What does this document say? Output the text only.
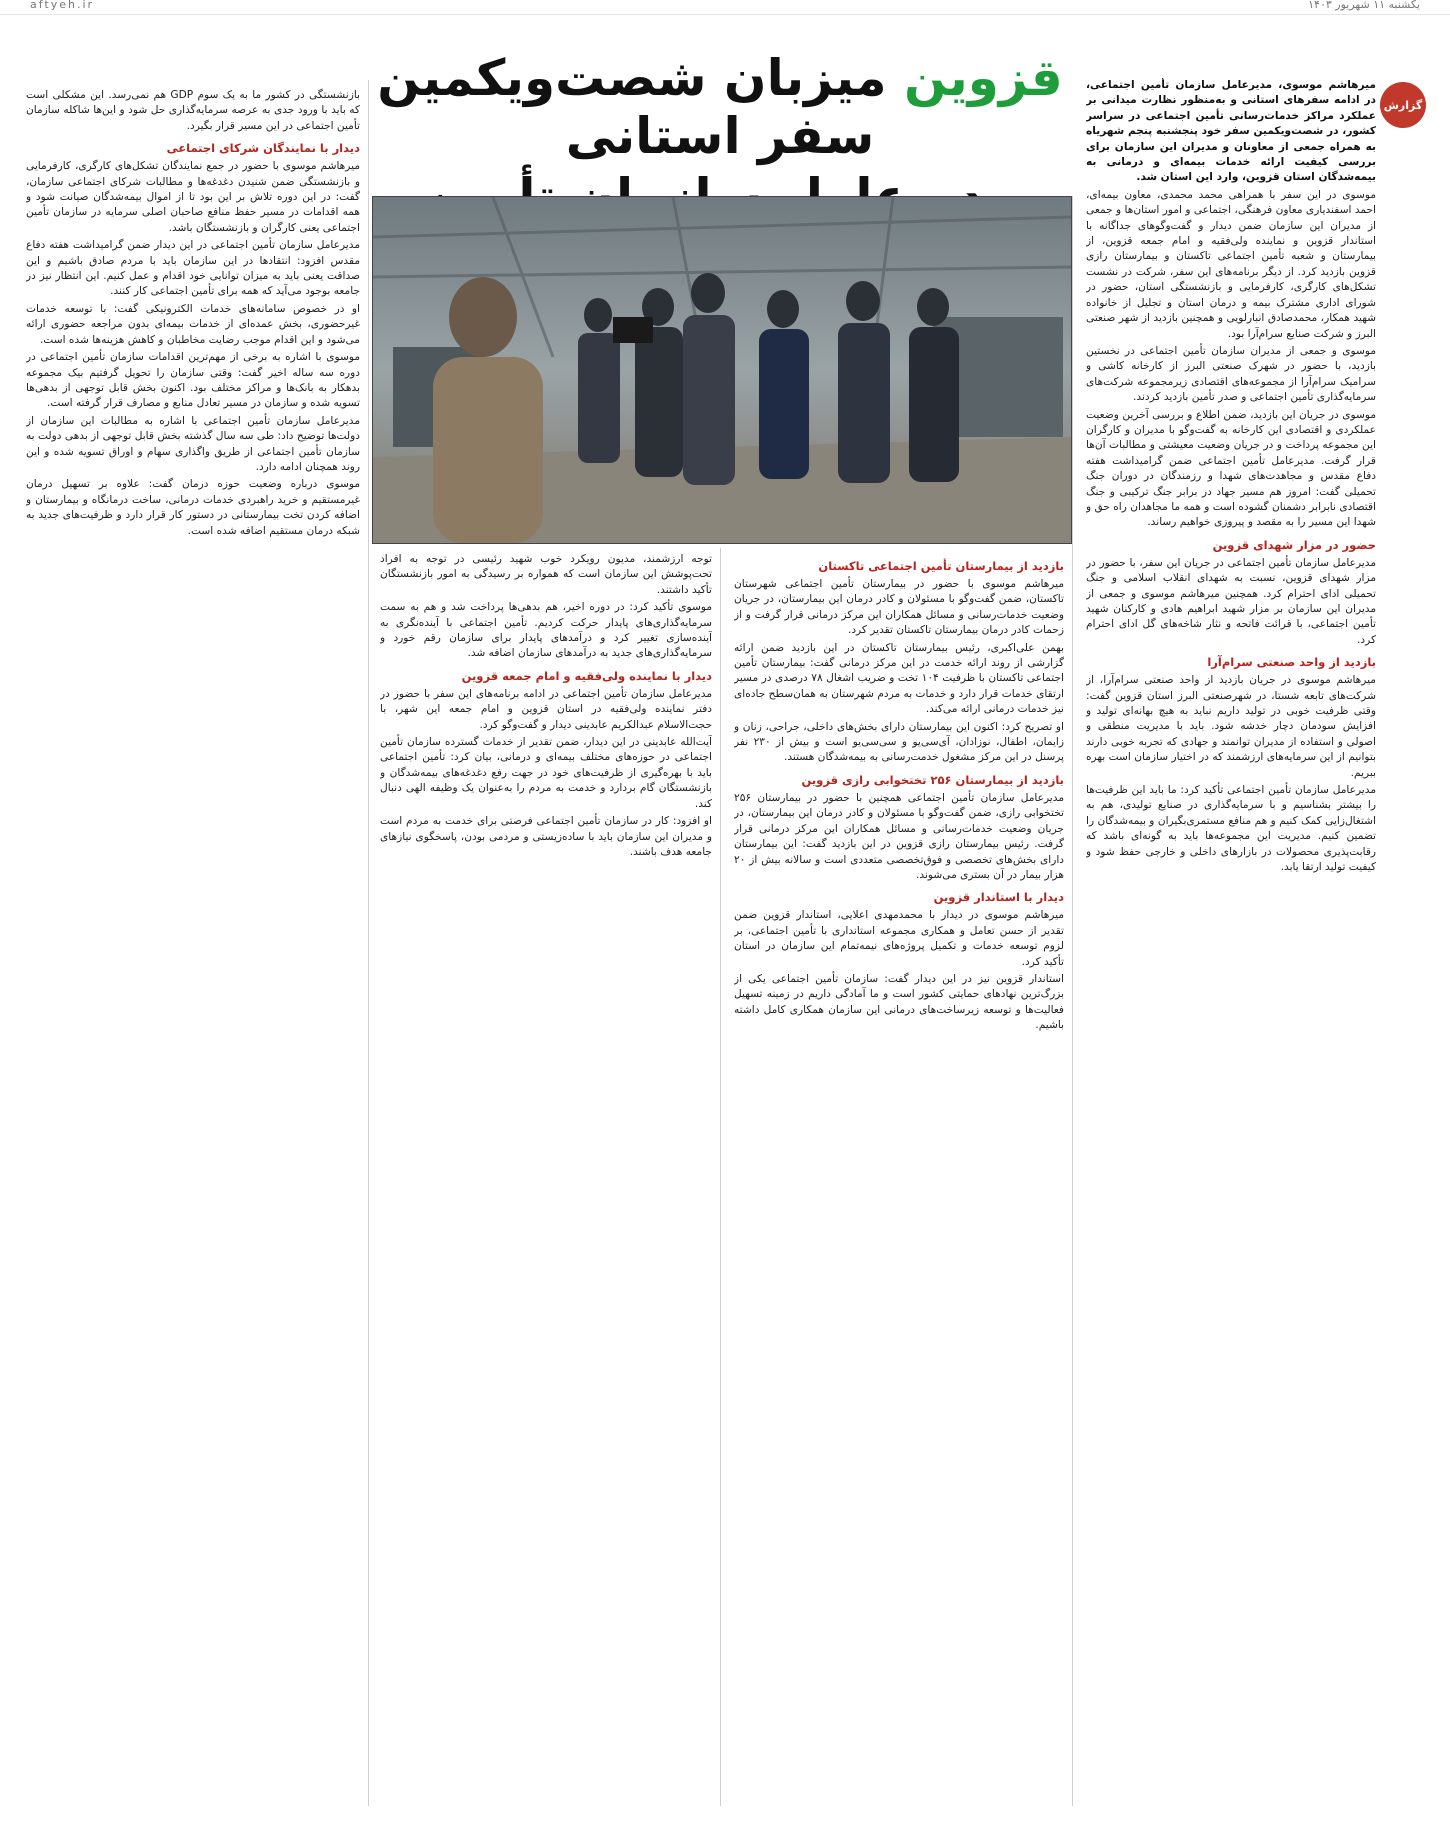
aftyeh.ir	یکشنبه ۱۱ شهریور ۱۴۰۳
قزوین میزبان شصت‌ویکمین سفر استانی
گزارش

میرهاشم موسوی، مدیرعامل سازمان تأمین اجتماعی، در ادامه سفرهای استانی و به‌منظور نظارت میدانی بر عملکرد مراکز خدمات‌رسانی تأمین اجتماعی در سراسر کشور، در شصت‌ویکمین سفر خود پنجشنبه پنجم شهریاه به همراه جمعی از معاونان و مدیران این سازمان برای بررسی کیفیت ارائه خدمات بیمه‌ای و درمانی به بیمه‌شدگان استان قزوین، وارد این استان شد.

موسوی در این سفر با همراهی محمد محمدی، معاون بیمه‌ای، احمد اسفندیاری معاون فرهنگی، اجتماعی و امور استان‌ها و جمعی از مدیران این سازمان ضمن دیدار و گفت‌وگوهای جداگانه با استاندار قزوین و نماینده ولی‌فقیه و امام جمعه قزوین، از بیمارستان و شعبه تأمین اجتماعی تاکستان و بیمارستان رازی قزوین بازدید کرد. از دیگر برنامه‌های این سفر، شرکت در نشست تشکل‌های کارگری، کارفرمایی و بازنشستگی استان، حضور در شورای اداری مشترک بیمه و درمان استان و تجلیل از خانواده شهید همکار، محمدصادق انبارلویی و همچنین بازدید از شهر صنعتی البرز و شرکت صنایع سرام‌آرا بود.

موسوی و جمعی از مدیران سازمان تأمین اجتماعی در نخستین بازدید، با حضور در شهرک صنعتی البرز از کارخانه کاشی و سرامیک سرام‌آرا از مجموعه‌های اقتصادی زیرمجموعه شرکت‌های سرمایه‌گذاری تأمین اجتماعی و صدر تأمین بازدید کردند.

موسوی در جریان این بازدید، ضمن اطلاع و بررسی آخرین وضعیت عملکردی و اقتصادی این کارخانه به گفت‌وگو با مدیران و کارگران این مجموعه پرداخت و در جریان وضعیت معیشتی و مطالبات آن‌ها قرار گرفت. مدیرعامل تأمین اجتماعی ضمن گرامیداشت هفته دفاع مقدس و مجاهدت‌های شهدا و رزمندگان در دوران جنگ تحمیلی گفت: امروز هم مسیر جهاد در برابر جنگ ترکیبی و جنگ اقتصادی نابرابر دشمنان گشوده است و همه ما مجاهدان راه حق و شهدا این مسیر را به مقصد و پیروزی خواهیم رساند.

حضور در مزار شهدای قزوین

مدیرعامل سازمان تأمین اجتماعی در جریان این سفر، با حضور در مزار شهدای قزوین، نسبت به شهدای انقلاب اسلامی و جنگ تحمیلی ادای احترام کرد. همچنین میرهاشم موسوی و جمعی از مدیران این سازمان بر مزار شهید ابراهیم هادی و کارکنان شهید تأمین اجتماعی، با قرائت فاتحه و نثار شاخه‌های گل ادای احترام کرد.

بازدید از واحد صنعتی سرام‌آرا

میرهاشم موسوی در جریان بازدید از واحد صنعتی سرام‌آرا، از شرکت‌های تابعه شستا، در شهرصنعتی البرز استان قزوین گفت: وقتی ظرفیت خوبی در تولید داریم نباید به هیچ بهانه‌ای تولید و افزایش سودمان دچار خدشه شود. باید با مدیریت منطقی و اصولی و استفاده از مدیران توانمند و جهادی که تجربه خوبی دارند بتوانیم از این سرمایه‌های ارزشمند که در اختیار سازمان است بهره ببریم.

مدیرعامل سازمان تأمین اجتماعی تأکید کرد: ما باید این ظرفیت‌ها را بیشتر بشناسیم و با سرمایه‌گذاری در صنایع تولیدی، هم به اشتغال‌زایی کمک کنیم و هم منافع مستمری‌بگیران و بیمه‌شدگان را تضمین کنیم. مدیریت این مجموعه‌ها باید به گونه‌ای باشد که رقابت‌پذیری محصولات در بازارهای داخلی و خارجی حفظ شود و کیفیت تولید ارتقا یابد.

بازدید از بیمارستان تأمین اجتماعی تاکستان

میرهاشم موسوی با حضور در بیمارستان تأمین اجتماعی شهرستان تاکستان، ضمن گفت‌وگو با مسئولان و کادر درمان این بیمارستان، در جریان وضعیت خدمات‌رسانی و مسائل همکاران این مرکز درمانی قرار گرفت و از زحمات کادر درمان بیمارستان تاکستان تقدیر کرد.

بهمن علی‌اکبری، رئیس بیمارستان تاکستان در این بازدید ضمن ارائه گزارشی از روند ارائه خدمت در این مرکز درمانی گفت: بیمارستان تأمین اجتماعی تاکستان با ظرفیت ۱۰۴ تخت و ضریب اشغال ۷۸ درصدی در مسیر ارتقای خدمات قرار دارد و خدمات به مردم شهرستان به همان‌سطح جاده‌ای نیز خدمات درمانی ارائه می‌کند.

او تصریح کرد: اکنون این بیمارستان دارای بخش‌های داخلی، جراحی، زنان و زایمان، اطفال، نوزادان، آی‌سی‌یو و سی‌سی‌یو است و بیش از ۲۳۰ نفر پرسنل در این مرکز مشغول خدمت‌رسانی به بیمه‌شدگان هستند.

بازدید از بیمارستان ۲۵۶ تختخوابی رازی قزوین

مدیرعامل سازمان تأمین اجتماعی همچنین با حضور در بیمارستان ۲۵۶ تختخوابی رازی، ضمن گفت‌وگو با مسئولان و کادر درمان این بیمارستان، در جریان وضعیت خدمات‌رسانی و مسائل همکاران این مرکز درمانی قرار گرفت. رئیس بیمارستان رازی قزوین در این بازدید گفت: این بیمارستان دارای بخش‌های تخصصی و فوق‌تخصصی متعددی است و سالانه بیش از ۲۰ هزار بیمار در آن بستری می‌شوند.

دیدار با استاندار قزوین

میرهاشم موسوی در دیدار با محمدمهدی اعلایی، استاندار قزوین ضمن تقدیر از حسن تعامل و همکاری مجموعه استانداری با تأمین اجتماعی، بر لزوم توسعه خدمات و تکمیل پروژه‌های نیمه‌تمام این سازمان در استان تأکید کرد.

استاندار قزوین نیز در این دیدار گفت: سازمان تأمین اجتماعی یکی از بزرگ‌ترین نهادهای حمایتی کشور است و ما آمادگی داریم در زمینه تسهیل فعالیت‌ها و توسعه زیرساخت‌های درمانی این سازمان همکاری کامل داشته باشیم.

توجه ارزشمند، مدیون رویکرد خوب شهید رئیسی در توجه به افراد تحت‌پوشش این سازمان است که همواره بر رسیدگی به امور بازنشستگان تأکید داشتند.

موسوی تأکید کرد: در دوره اخیر، هم بدهی‌ها پرداخت شد و هم به سمت سرمایه‌گذاری‌های پایدار حرکت کردیم. تأمین اجتماعی با آینده‌نگری به آینده‌سازی تغییر کرد و درآمدهای پایدار برای سازمان رقم خورد و سرمایه‌گذاری‌های جدید به درآمدهای سازمان اضافه شد.

دیدار با نماینده ولی‌فقیه و امام جمعه قزوین

مدیرعامل سازمان تأمین اجتماعی در ادامه برنامه‌های این سفر با حضور در دفتر نماینده ولی‌فقیه در استان قزوین و امام جمعه این شهر، با حجت‌الاسلام عبدالکریم عابدینی دیدار و گفت‌وگو کرد.

آیت‌الله عابدینی در این دیدار، ضمن تقدیر از خدمات گسترده سازمان تأمین اجتماعی در حوزه‌های مختلف بیمه‌ای و درمانی، بیان کرد: تأمین اجتماعی باید با بهره‌گیری از ظرفیت‌های خود در جهت رفع دغدغه‌های بیمه‌شدگان و بازنشستگان گام بردارد و خدمت به مردم را به‌عنوان یک وظیفه الهی دنبال کند.

او افزود: کار در سازمان تأمین اجتماعی فرصتی برای خدمت به مردم است و مدیران این سازمان باید با ساده‌زیستی و مردمی بودن، پاسخگوی نیازهای جامعه هدف باشند.

بازنشستگی در کشور ما به یک سوم GDP هم نمی‌رسد. این مشکلی است که باید با ورود جدی به عرصه سرمایه‌گذاری حل شود و این‌ها شاکله سازمان تأمین اجتماعی در این مسیر قرار بگیرد.

دیدار با نمایندگان شرکای اجتماعی

میرهاشم موسوی با حضور در جمع نمایندگان تشکل‌های کارگری، کارفرمایی و بازنشستگی ضمن شنیدن دغدغه‌ها و مطالبات شرکای اجتماعی سازمان، گفت: در این دوره تلاش بر این بود تا از اموال بیمه‌شدگان صیانت شود و همه اقدامات در مسیر حفظ منافع صاحبان اصلی سرمایه در سازمان تأمین اجتماعی یعنی کارگران و بازنشستگان باشد.

مدیرعامل سازمان تأمین اجتماعی در این دیدار ضمن گرامیداشت هفته دفاع مقدس افزود: انتقادها در این سازمان باید با مردم صادق باشیم و این صداقت یعنی باید به میزان توانایی خود اقدام و عمل کنیم. این انتظار نیز در جامعه بوجود می‌آید که همه برای تأمین اجتماعی کار کنند.

او در خصوص سامانه‌های خدمات الکترونیکی گفت: با توسعه خدمات غیرحضوری، بخش عمده‌ای از خدمات بیمه‌ای بدون مراجعه حضوری ارائه می‌شود و این اقدام موجب رضایت مخاطبان و کاهش هزینه‌ها شده است.

موسوی با اشاره به برخی از مهم‌ترین اقدامات سازمان تأمین اجتماعی در دوره سه ساله اخیر گفت: وقتی سازمان را تحویل گرفتیم بیک مجموعه بدهکار به بانک‌ها و مراکز مختلف بود. اکنون بخش قابل توجهی از بدهی‌ها تسویه شده و سازمان در مسیر تعادل منابع و مصارف قرار گرفته است.

مدیرعامل سازمان تأمین اجتماعی با اشاره به مطالبات این سازمان از دولت‌ها توضیح داد: طی سه سال گذشته بخش قابل توجهی از بدهی دولت به سازمان تأمین اجتماعی از طریق واگذاری سهام و اوراق تسویه شده و این روند همچنان ادامه دارد.

موسوی درباره وضعیت حوزه درمان گفت: علاوه بر تسهیل درمان غیرمستقیم و خرید راهبردی خدمات درمانی، ساخت درمانگاه و بیمارستان و اضافه کردن تخت بیمارستانی در دستور کار قرار دارد و ظرفیت‌های جدید به شبکه درمان مستقیم اضافه شده است.
